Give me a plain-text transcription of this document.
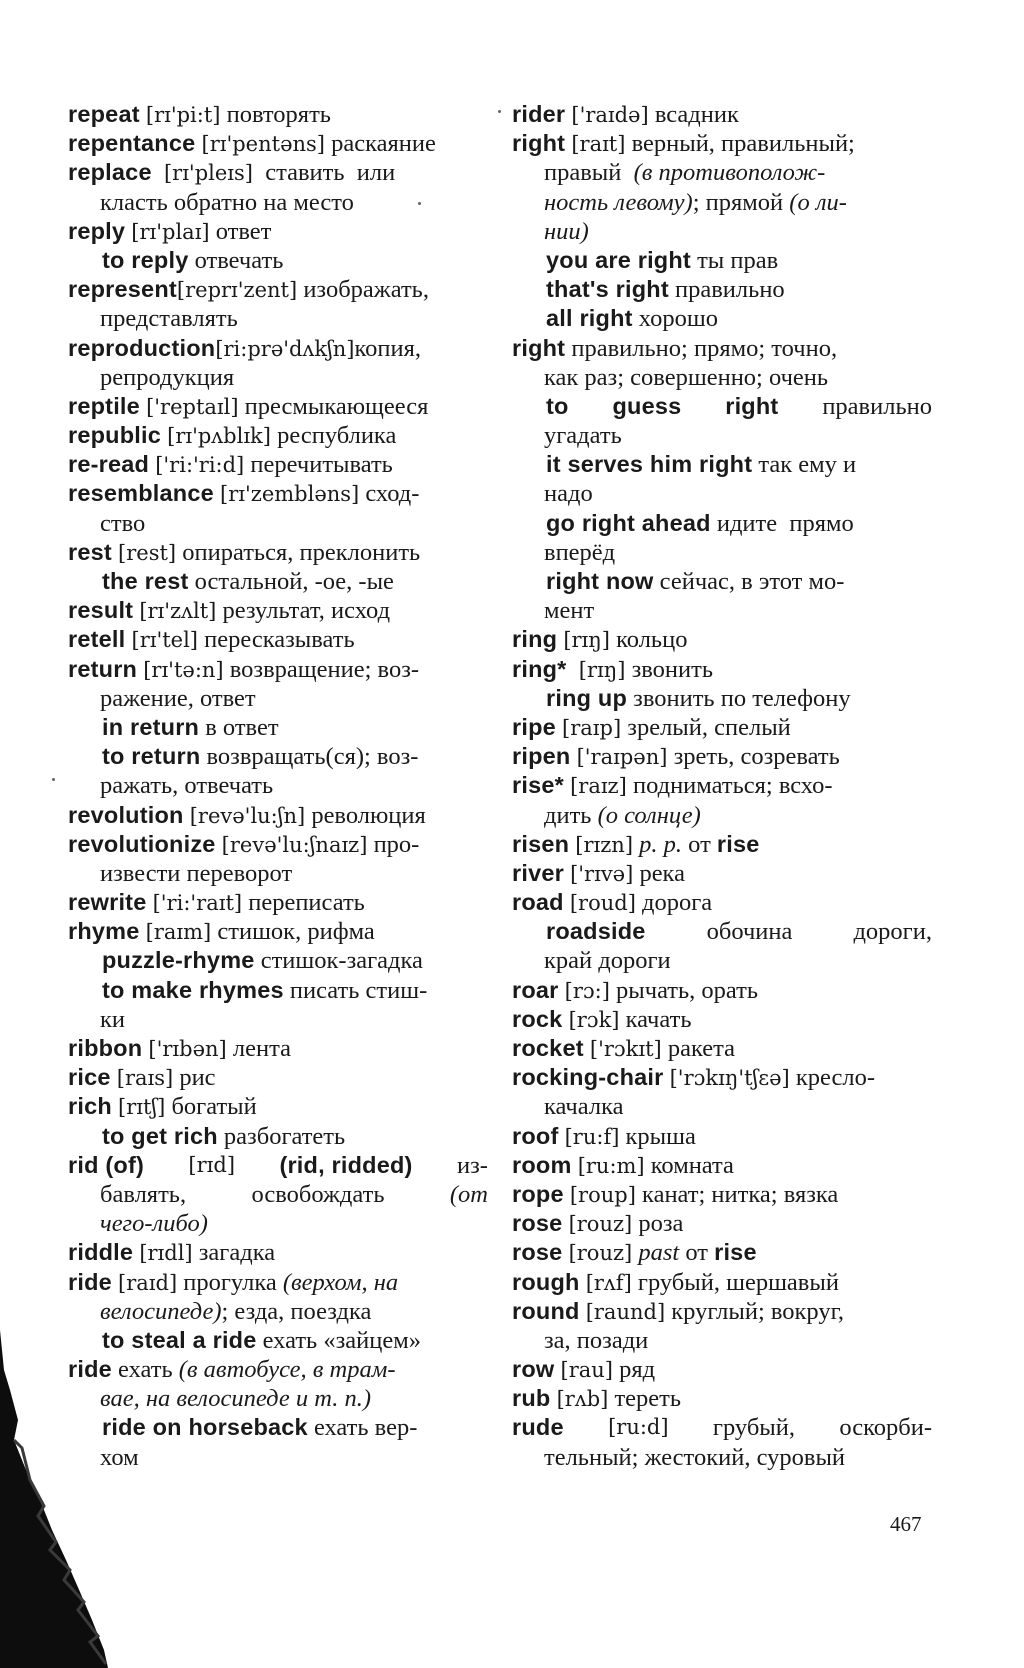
repeat [rɪ'pi:t] повторять
repentance [rɪ'pentəns] раскаяние
replace [rɪ'pleɪs]  ставить  или
класть обратно на место
reply [rɪ'plaɪ] ответ
to reply отвечать
represent[reprɪ'zent] изображать,
представлять
reproduction[ri:prə'dʌkʃn]копия,
репродукция
reptile ['reptaɪl] пресмыкающееся
republic [rɪ'pʌblɪk] республика
re-read ['ri:'ri:d] перечитывать
resemblance [rɪ'zembləns] сход-
ство
rest [rest] опираться, преклонить
the rest остальной, -ое, -ые
result [rɪ'zʌlt] результат, исход
retell [rɪ'tel] пересказывать
return [rɪ'tə:n] возвращение; воз-
ражение, ответ
in return в ответ
to return возвращать(ся); воз-
ражать, отвечать
revolution [revə'lu:ʃn] революция
revolutionize [revə'lu:ʃnaɪz] про-
извести переворот
rewrite ['ri:'raɪt] переписать
rhyme [raɪm] стишок, рифма
puzzle-rhyme стишок-загадка
to make rhymes писать стиш-
ки
ribbon ['rɪbən] лента
rice [raɪs] рис
rich [rɪtʃ] богатый
to get rich разбогатеть
rid (of) [rɪd] (rid, ridded) из-
бавлять,	освобождать	(от
чего-либо)
riddle [rɪdl] загадка
ride [raɪd] прогулка (верхом, на
велосипеде); езда, поездка
to steal a ride ехать «зайцем»
ride ехать (в автобусе, в трам-
вае, на велосипеде и т. п.)
ride on horseback ехать вер-
хом
rider ['raɪdə] всадник
right [raɪt] верный, правильный;
правый  (в противополож-
ность левому); прямой (о ли-
нии)
you are right ты прав
that's right правильно
all right хорошо
right правильно; прямо; точно,
как раз; совершенно; очень
to guess right правильно
угадать
it serves him right так ему и
надо
go right ahead идите  прямо
вперёд
right now сейчас, в этот мо-
мент
ring [rɪŋ] кольцо
ring* [rɪŋ] звонить
ring up звонить по телефону
ripe [raɪp] зрелый, спелый
ripen ['raɪpən] зреть, созревать
rise* [raɪz] подниматься; всхо-
дить (о солнце)
risen [rɪzn] p. p. от rise
river ['rɪvə] река
road [roud] дорога
roadside обочина дороги,
край дороги
roar [rɔ:] рычать, орать
rock [rɔk] качать
rocket ['rɔkɪt] ракета
rocking-chair ['rɔkɪŋ'tʃɛə] кресло-
качалка
roof [ru:f] крыша
room [ru:m] комната
rope [roup] канат; нитка; вязка
rose [rouz] роза
rose [rouz] past от rise
rough [rʌf] грубый, шершавый
round [raund] круглый; вокруг,
за, позади
row [rau] ряд
rub [rʌb] тереть
rude [ru:d] грубый, оскорби-
тельный; жестокий, суровый
467
